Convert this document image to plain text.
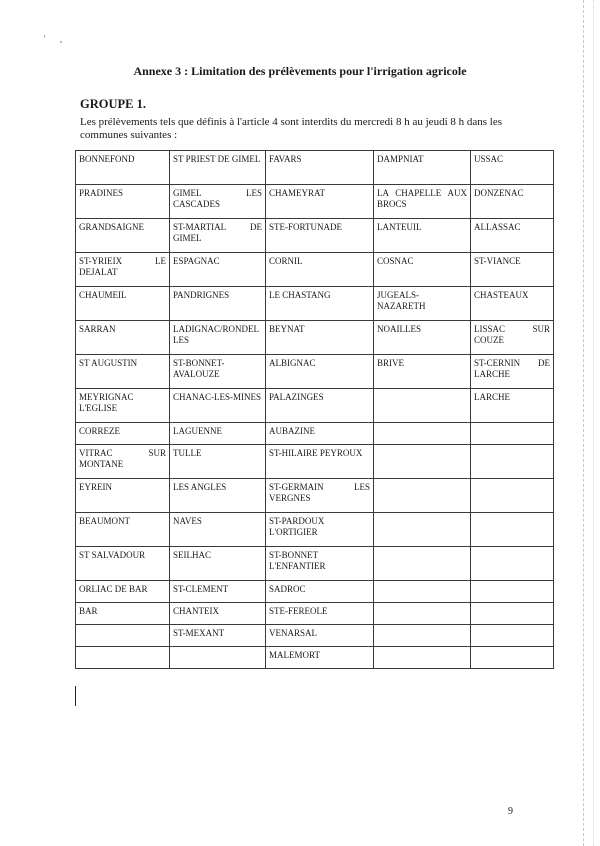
' ,
Annexe 3 : Limitation des prélèvements pour l'irrigation agricole
GROUPE 1.
Les prélèvements tels que définis à l'article 4 sont interdits du mercredi 8 h au jeudi 8 h dans les communes suivantes :
BONNEFOND	ST PRIEST DE GIMEL	FAVARS	DAMPNIAT	USSAC
PRADINES	GIMEL LES CASCADES	CHAMEYRAT	LA CHAPELLE AUX BROCS	DONZENAC
GRANDSAIGNE	ST-MARTIAL DE GIMEL	STE-FORTUNADE	LANTEUIL	ALLASSAC
ST-YRIEIX LE DEJALAT	ESPAGNAC	CORNIL	COSNAC	ST-VIANCE
CHAUMEIL	PANDRIGNES	LE CHASTANG	JUGEALS-NAZARETH	CHASTEAUX
SARRAN	LADIGNAC/RONDELLES	BEYNAT	NOAILLES	LISSAC SUR COUZE
ST AUGUSTIN	ST-BONNET-AVALOUZE	ALBIGNAC	BRIVE	ST-CERNIN DE LARCHE
MEYRIGNAC L'EGLISE	CHANAC-LES-MINES	PALAZINGES		LARCHE
CORREZE	LAGUENNE	AUBAZINE		
VITRAC SUR MONTANE	TULLE	ST-HILAIRE PEYROUX		
EYREIN	LES ANGLES	ST-GERMAIN LES VERGNES		
BEAUMONT	NAVES	ST-PARDOUX L'ORTIGIER		
ST SALVADOUR	SEILHAC	ST-BONNET L'ENFANTIER		
ORLIAC DE BAR	ST-CLEMENT	SADROC		
BAR	CHANTEIX	STE-FEREOLE		
	ST-MEXANT	VENARSAL		
		MALEMORT		
9
